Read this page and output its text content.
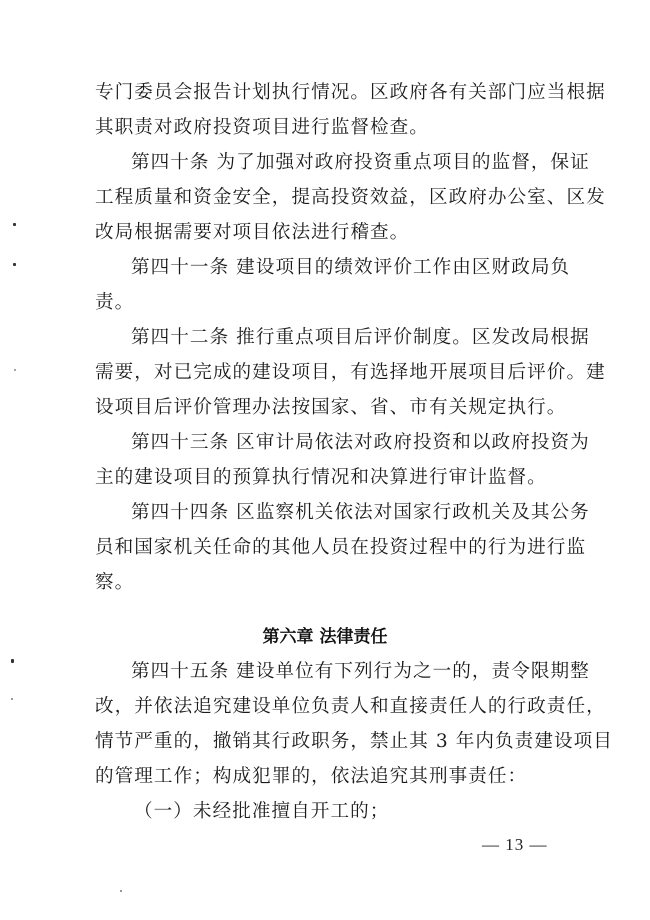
专门委员会报告计划执行情况。区政府各有关部门应当根据
其职责对政府投资项目进行监督检查。
第四十条 为了加强对政府投资重点项目的监督，保证
工程质量和资金安全，提高投资效益，区政府办公室、区发
改局根据需要对项目依法进行稽查。
第四十一条 建设项目的绩效评价工作由区财政局负
责。
第四十二条 推行重点项目后评价制度。区发改局根据
需要，对已完成的建设项目，有选择地开展项目后评价。建
设项目后评价管理办法按国家、省、市有关规定执行。
第四十三条 区审计局依法对政府投资和以政府投资为
主的建设项目的预算执行情况和决算进行审计监督。
第四十四条 区监察机关依法对国家行政机关及其公务
员和国家机关任命的其他人员在投资过程中的行为进行监
察。
第六章 法律责任
第四十五条 建设单位有下列行为之一的，责令限期整
改，并依法追究建设单位负责人和直接责任人的行政责任，
情节严重的，撤销其行政职务，禁止其 3 年内负责建设项目
的管理工作；构成犯罪的，依法追究其刑事责任：
（一）未经批准擅自开工的；
— 13 —
